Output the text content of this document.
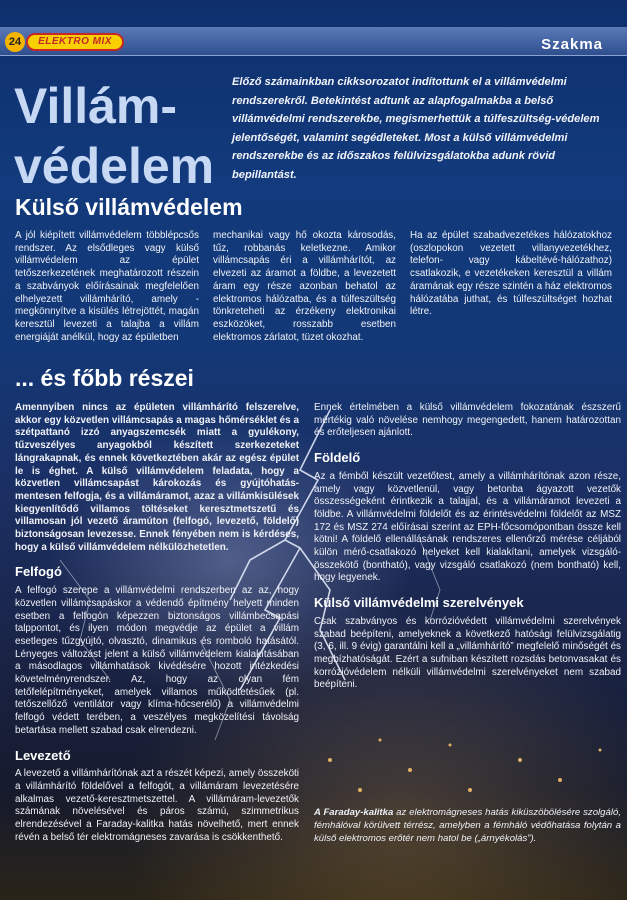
24	ELEKTRO MIX	Szakma
Villám-
védelem
Előző számainkban cikksorozatot indítottunk el a villámvédelmi rendszerekről. Betekintést adtunk az alapfogalmakba a belső villámvédelmi rendszerekbe, megismerhettük a túlfeszültség-védelem jelentőségét, valamint segédleteket. Most a külső villámvédelmi rendszerekbe és az időszakos felülvizsgálatokba adunk rövid bepillantást.
Külső villámvédelem

A jól kiépített villámvédelem többlépcsős rendszer. Az elsődleges vagy külső villámvédelem az épület tetőszerkezetének meghatározott részein a szabványok előírásainak megfelelően elhelyezett villámhárító, amely - megkönnyítve a kisülés létrejöttét, magán keresztül levezeti a talajba a villám energiáját anélkül, hogy az épületben

mechanikai vagy hő okozta károsodás, tűz, robbanás keletkezne. Amikor villámcsapás éri a villámhárítót, az elvezeti az áramot a földbe, a levezetett áram egy része azonban behatol az elektromos hálózatba, és a túlfeszültség tönkreteheti az érzékeny elektronikai eszközöket, rosszabb esetben elektromos zárlatot, tüzet okozhat.

Ha az épület szabadvezetékes hálózatokhoz (oszlopokon vezetett villanyvezetékhez, telefon- vagy kábeltévé-hálózathoz) csatlakozik, e vezetékeken keresztül a villám áramának egy része szintén a ház elektromos hálózatába juthat, és túlfeszültséget hozhat létre.

... és főbb részei

Amennyiben nincs az épületen villámhárító felszerelve, akkor egy közvetlen villámcsapás a magas hőmérséklet és a szétpattanó izzó anyagszemcsék miatt a gyulékony, tűzveszélyes anyagokból készített szerkezeteket lángrakapnak, és ennek következtében akár az egész épület le is éghet. A külső villámvédelem feladata, hogy a közvetlen villámcsapást károkozás és gyújtóhatás-mentesen felfogja, és a villámáramot, azaz a villámkisülések kiegyenlítődő villamos töltéseket keresztmetszetű és villamosan jól vezető áramúton (felfogó, levezető, földelő) biztonságosan levezesse. Ennek fényében nem is kérdéses, hogy a külső villámvédelem nélkülözhetetlen.

Felfogó

A felfogó szerepe a villámvédelmi rendszerben az az, hogy közvetlen villámcsapáskor a védendő építmény helyett minden esetben a felfogón képezzen biztonságos villámbecsapási talppontot, és ilyen módon megvédje az épület a villám esetleges tűzgyújtó, olvasztó, dinamikus és romboló hatásától. Lényeges változást jelent a külső villámvédelem kialakításában a másodlagos villámhatások kivédésére hozott intézkedési követelményrendszer. Az, hogy az olyan fém tetőfelépítményeket, amelyek villamos működtetésűek (pl. tetőszellőző ventilátor vagy klíma-hőcserélő) a villámvédelmi felfogó védett terében, a veszélyes megközelítési távolság betartása mellett szabad csak elrendezni.

Levezető

A levezető a villámhárítónak azt a részét képezi, amely összeköti a villámhárító földelővel a felfogót, a villámáram levezetésére alkalmas vezető-keresztmetszettel. A villámáram-levezetők számának növelésével és páros számú, szimmetrikus elrendezésével a Faraday-kalitka hatás növelhető, mert ennek révén a belső tér elektromágneses zavarása is csökkenthető.

Ennek értelmében a külső villámvédelem fokozatának észszerű mértékig való növelése nemhogy megengedett, hanem határozottan és erőteljesen ajánlott.

Földelő

Az a fémből készült vezetőtest, amely a villámhárítónak azon része, amely vagy közvetlenül, vagy betonba ágyazott vezetők összességeként érintkezik a talajjal, és a villámáramot levezeti a földbe. A villámvédelmi földelőt és az érintésvédelmi földelőt az MSZ 172 és MSZ 274 előírásai szerint az EPH-főcsomópontban össze kell kötni! A földelő ellenállásának rendszeres ellenőrző mérése céljából külön mérő-csatlakozó helyeket kell kialakítani, amelyek vizsgáló-összekötő (bontható), vagy vizsgáló csatlakozó (nem bontható) kell, hogy legyenek.

Külső villámvédelmi szerelvények

Csak szabványos és korrózióvédett villámvédelmi szerelvények szabad beépíteni, amelyeknek a következő hatósági felülvizsgálatig (3, 6, ill. 9 évig) garantálni kell a „villámhárító” megfelelő minőségét és megbízhatóságát. Ezért a sufniban készített rozsdás betonvasakat és korrózióvédelem nélküli villámvédelmi szerelvényeket nem szabad beépíteni.

A Faraday-kalitka az elektromágneses hatás kiküszöbölésére szolgáló, fémhálóval körülvett térrész, amelyben a fémháló védőhatása folytán a külső elektromos erőtér nem hatol be („árnyékolás”).
